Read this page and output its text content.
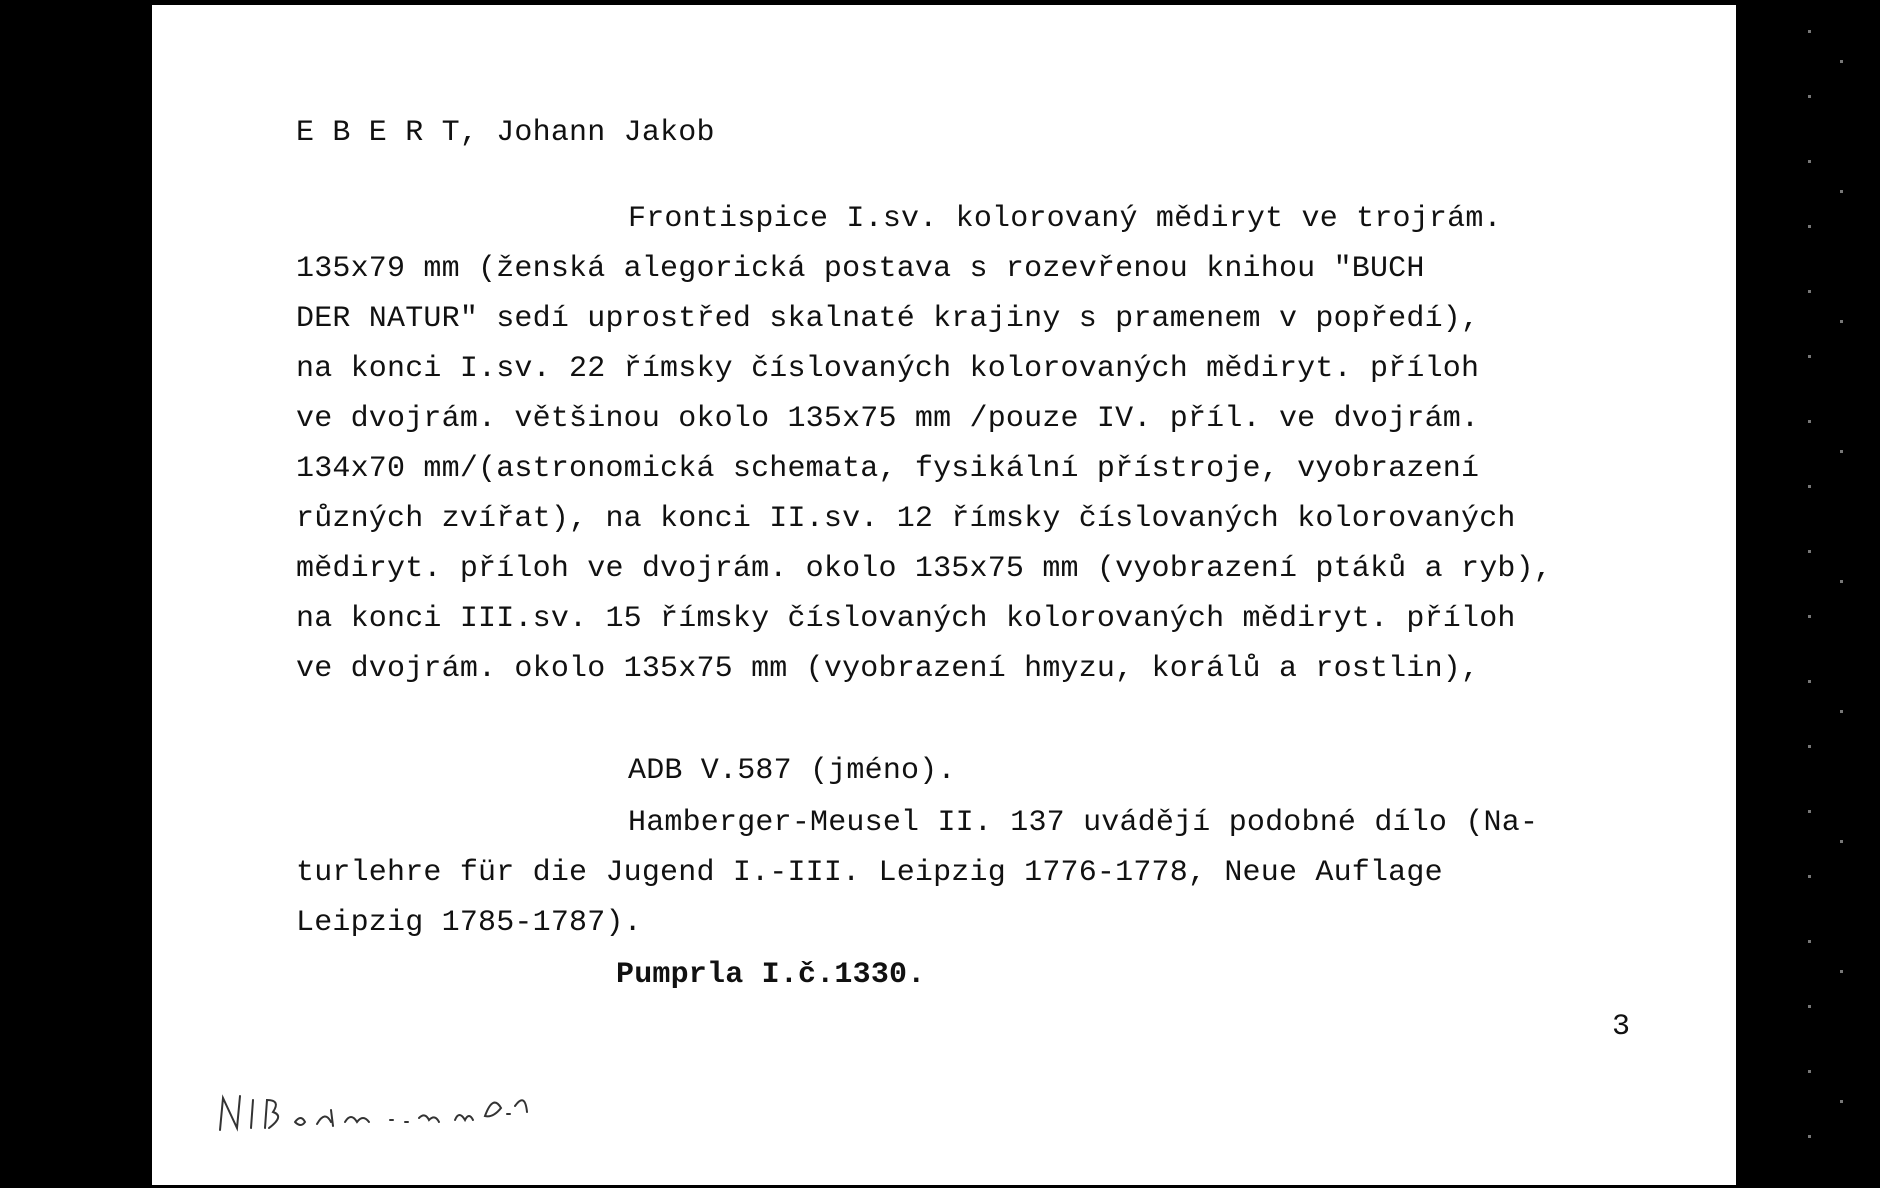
E B E R T, Johann Jakob
Frontispice I.sv. kolorovaný mědiryt ve trojrám.
135x79 mm (ženská alegorická postava s rozevřenou knihou "BUCH
DER NATUR" sedí uprostřed skalnaté krajiny s pramenem v popředí),
na konci I.sv. 22 římsky číslovaných kolorovaných mědiryt. příloh
ve dvojrám. většinou okolo 135x75 mm /pouze IV. příl. ve dvojrám.
134x70 mm/(astronomická schemata, fysikální přístroje, vyobrazení
různých zvířat), na konci II.sv. 12 římsky číslovaných kolorovaných
mědiryt. příloh ve dvojrám. okolo 135x75 mm (vyobrazení ptáků a ryb),
na konci III.sv. 15 římsky číslovaných kolorovaných mědiryt. příloh
ve dvojrám. okolo 135x75 mm (vyobrazení hmyzu, korálů a rostlin),
ADB V.587 (jméno).
Hamberger-Meusel II. 137 uvádějí podobné dílo (Na-
turlehre für die Jugend I.-III. Leipzig 1776-1778, Neue Auflage
Leipzig 1785-1787).
Pumprla I.č.1330.
3
